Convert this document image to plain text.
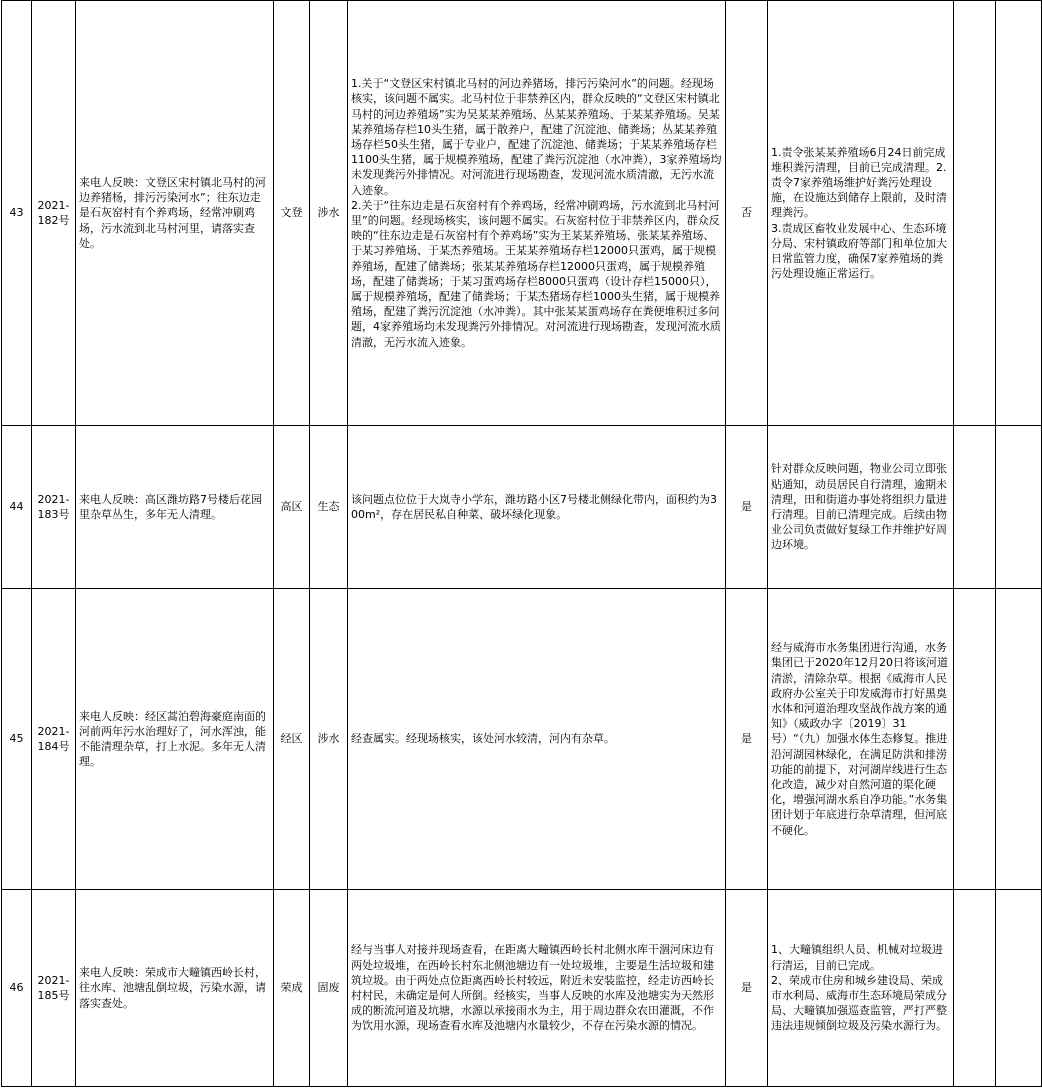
43	2021-182号	来电人反映：文登区宋村镇北马村的河边养猪杨，排污污染河水”；往东边走是石灰窑村有个养鸡场，经常冲刷鸡场，污水流到北马村河里，请落实查处。	文登	涉水	1.关于“文登区宋村镇北马村的河边养猪场，排污污染河水”的问题。经现场核实，该问题不属实。北马村位于非禁养区内，群众反映的“文登区宋村镇北马村的河边养殖场”实为吴某某养殖场、丛某某养殖场、于某某养殖场。吴某某养殖场存栏10头生猪，属于散养户，配建了沉淀池、储粪场；丛某某养殖场存栏50头生猪，属于专业户，配建了沉淀池、储粪场；于某某养殖场存栏1100头生猪，属于规模养殖场，配建了粪污沉淀池（水冲粪），3家养殖场均未发现粪污外排情况。对河流进行现场勘查，发现河流水质清澈，无污水流入迹象。
2.关于“往东边走是石灰窑村有个养鸡场，经常冲刷鸡场，污水流到北马村河里”的问题。经现场核实，该问题不属实。石灰窑村位于非禁养区内，群众反映的“往东边走是石灰窑村有个养鸡场”实为王某某养殖场、张某某养殖场、于某习养殖场、于某杰养殖场。王某某养殖场存栏12000只蛋鸡，属于规模养殖场，配建了储粪场；张某某养殖场存栏12000只蛋鸡，属于规模养殖场，配建了储粪场；于某习蛋鸡场存栏8000只蛋鸡（设计存栏15000只），属于规模养殖场，配建了储粪场；于某杰猪场存栏1000头生猪，属于规模养殖场，配建了粪污沉淀池（水冲粪）。其中张某某蛋鸡场存在粪便堆积过多问题，4家养殖场均未发现粪污外排情况。对河流进行现场勘查，发现河流水质清澈，无污水流入迹象。	否	1.责令张某某养殖场6月24日前完成堆积粪污清理，目前已完成清理。2.责令7家养殖场维护好粪污处理设施，在设施达到储存上限前，及时清理粪污。
3.责成区畜牧业发展中心、生态环境分局、宋村镇政府等部门和单位加大日常监管力度，确保7家养殖场的粪污处理设施正常运行。		
44	2021-183号	来电人反映：高区潍坊路7号楼后花园里杂草丛生，多年无人清理。	高区	生态	该问题点位位于大岚寺小学东，潍坊路小区7号楼北侧绿化带内，面积约为300m²，存在居民私自种菜、破坏绿化现象。	是	针对群众反映问题，物业公司立即张贴通知，动员居民自行清理，逾期未清理，田和街道办事处将组织力量进行清理。目前已清理完成。后续由物业公司负责做好复绿工作并维护好周边环境。		
45	2021-184号	来电人反映：经区蒿泊碧海豪庭南面的河前两年污水治理好了，河水浑浊，能不能清理杂草，打上水泥。多年无人清理。	经区	涉水	经查属实。经现场核实，该处河水较清，河内有杂草。	是	经与威海市水务集团进行沟通，水务集团已于2020年12月20日将该河道清淤，清除杂草。根据《威海市人民政府办公室关于印发威海市打好黑臭水体和河道治理攻坚战作战方案的通知》（威政办字〔2019〕31号）“（九）加强水体生态修复。推进沿河湖园林绿化，在满足防洪和排涝功能的前提下，对河湖岸线进行生态化改造，减少对自然河道的渠化硬化，增强河湖水系自净功能。”水务集团计划于年底进行杂草清理，但河底不硬化。		
46	2021-185号	来电人反映：荣成市大疃镇西岭长村，往水库、池塘乱倒垃圾，污染水源，请落实查处。	荣成	固废	经与当事人对接并现场查看，在距离大疃镇西岭长村北侧水库干涸河床边有两处垃圾堆，在西岭长村东北侧池塘边有一处垃圾堆，主要是生活垃圾和建筑垃圾。由于两处点位距离西岭长村较远，附近未安装监控，经走访西岭长村村民，未确定是何人所倒。经核实，当事人反映的水库及池塘实为天然形成的断流河道及坑塘，水源以承接雨水为主，用于周边群众农田灌溉，不作为饮用水源，现场查看水库及池塘内水量较少，不存在污染水源的情况。	是	1、大疃镇组织人员、机械对垃圾进行清运，目前已完成。
2、荣成市住房和城乡建设局、荣成市水利局、威海市生态环境局荣成分局、大疃镇加强巡查监管，严打严整违法违规倾倒垃圾及污染水源行为。		
